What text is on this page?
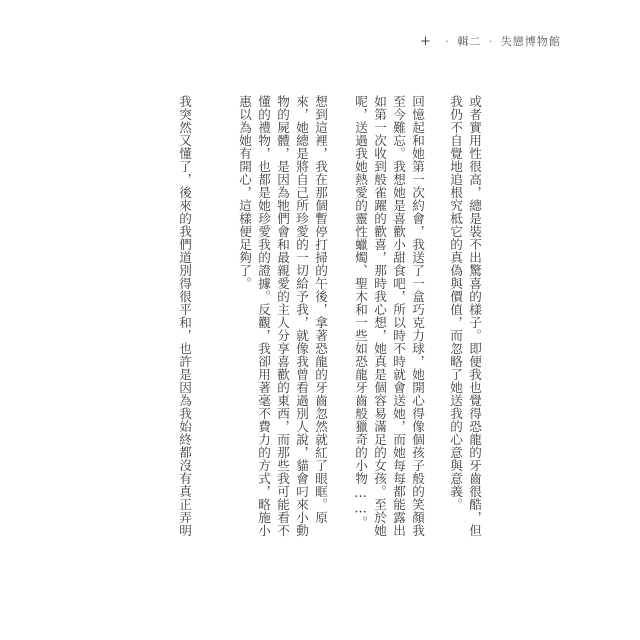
+ · 輯二 · 失戀博物館
或者實用性很高，總是裝不出驚喜的樣子。即便我也覺得恐龍的牙齒很酷，但
我仍不自覺地追根究柢它的真偽與價值，而忽略了她送我的心意與意義。
回憶起和她第一次約會，我送了一盒巧克力球，她開心得像個孩子般的笑顏我
至今難忘。我想她是喜歡小甜食吧，所以時不時就會送她，而她每每都能露出
如第一次收到般雀躍的歡喜，那時我心想，她真是個容易滿足的女孩。至於她
呢，送過我她熱愛的靈性蠟燭、聖木和一些如恐龍牙齒般獵奇的小物……。
想到這裡，我在那個暫停打掃的午後，拿著恐龍的牙齒忽然就紅了眼眶。原
來，她總是將自己所珍愛的一切給予我，就像我曾看過別人說，貓會叼來小動
物的屍體，是因為牠們會和最親愛的主人分享喜歡的東西，而那些我可能看不
懂的禮物，也都是她珍愛我的證據。反觀，我卻用著毫不費力的方式，略施小
惠以為她有開心，這樣便足夠了。
我突然又懂了，後來的我們道別得很平和，也許是因為我始終都沒有真正弄明
